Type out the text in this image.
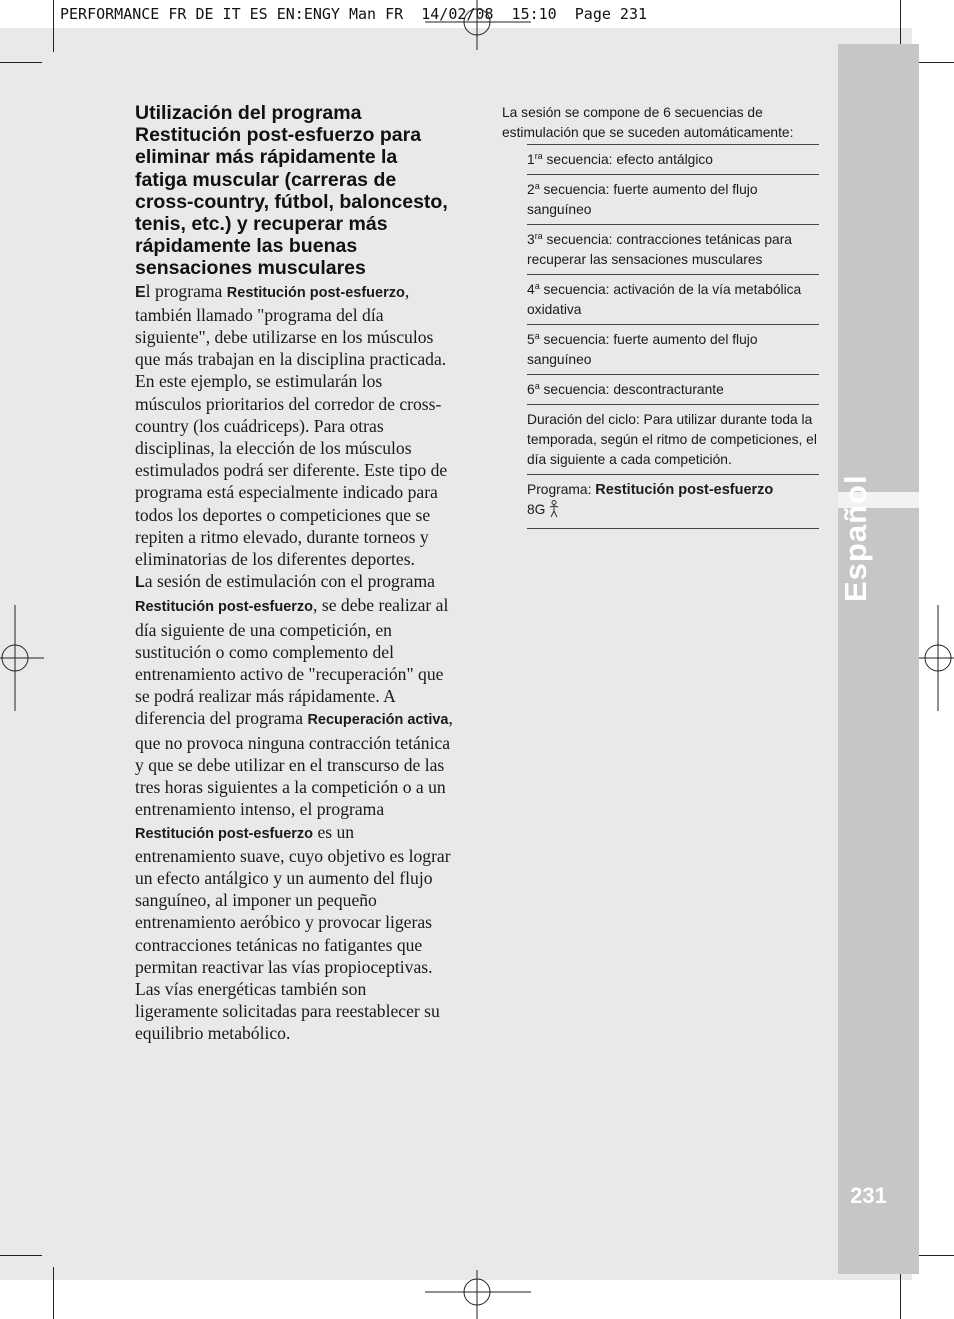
PERFORMANCE FR DE IT ES EN:ENGY Man FR  14/02/08  15:10  Page 231
231
Utilización del programa Restitución post-esfuerzo para eliminar más rápidamente la fatiga muscular (carreras de cross-country, fútbol, baloncesto, tenis, etc.) y recuperar más rápidamente las buenas sensaciones musculares

El programa Restitución post-esfuerzo, también llamado "programa del día siguiente", debe utilizarse en los músculos que más trabajan en la disciplina practicada. En este ejemplo, se estimularán los músculos prioritarios del corredor de cross-country (los cuádriceps). Para otras disciplinas, la elección de los músculos estimulados podrá ser diferente. Este tipo de programa está especialmente indicado para todos los deportes o competiciones que se repiten a ritmo elevado, durante torneos y eliminatorias de los diferentes deportes.

La sesión de estimulación con el programa Restitución post-esfuerzo, se debe realizar al día siguiente de una competición, en sustitución o como complemento del entrenamiento activo de "recuperación" que se podrá realizar más rápidamente. A diferencia del programa Recuperación activa, que no provoca ninguna contracción tetánica y que se debe utilizar en el transcurso de las tres horas siguientes a la competición o a un entrenamiento intenso, el programa Restitución post-esfuerzo es un entrenamiento suave, cuyo objetivo es lograr un efecto antálgico y un aumento del flujo sanguíneo, al imponer un pequeño entrenamiento aeróbico y provocar ligeras contracciones tetánicas no fatigantes que permitan reactivar las vías propioceptivas. Las vías energéticas también son ligeramente solicitadas para reestablecer su equilibrio metabólico.

La sesión se compone de 6 secuencias de estimulación que se suceden automáticamente:

$1^{ra}$ secuencia: efecto antálgico
2$^a$ secuencia: fuerte aumento del flujo sanguíneo
$3^{ra}$ secuencia: contracciones tetánicas para recuperar las sensaciones musculares
4$^a$ secuencia: activación de la vía metabólica oxidativa
5$^a$ secuencia: fuerte aumento del flujo sanguíneo
6$^a$ secuencia: descontracturante
Duración del ciclo: Para utilizar durante toda la temporada, según el ritmo de competiciones, el día siguiente a cada competición.
Programa: Restitución post-esfuerzo
8G
